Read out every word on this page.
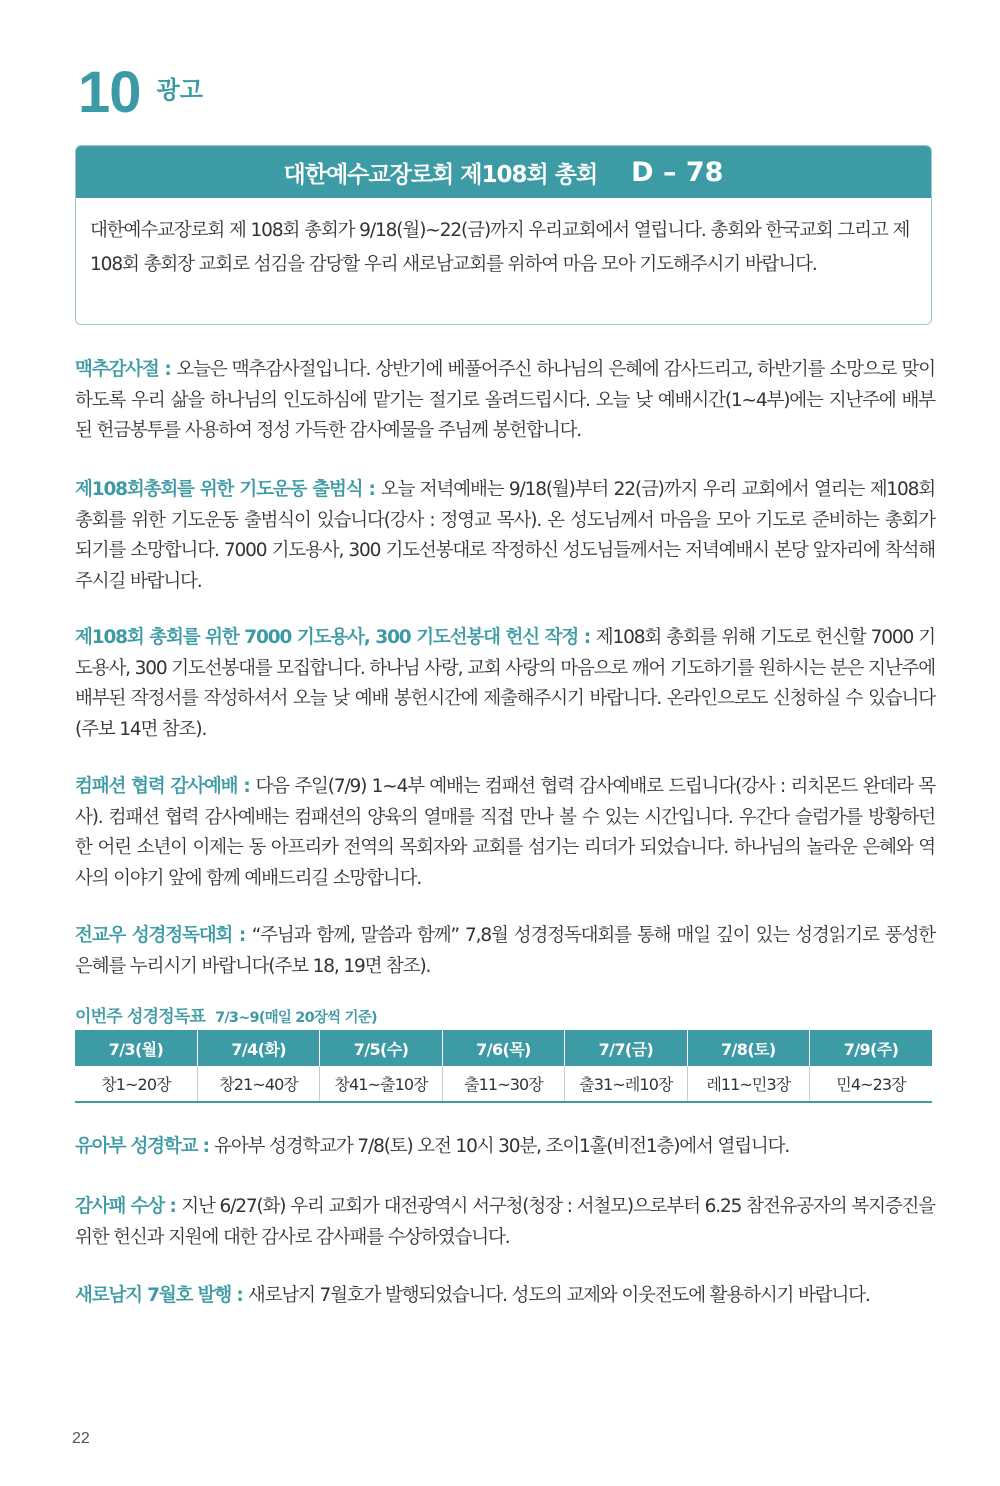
10 광고
대한예수교장로회 제108회 총회 D – 78
대한예수교장로회 제 108회 총회가 9/18(월)~22(금)까지 우리교회에서 열립니다. 총회와 한국교회 그리고 제 108회 총회장 교회로 섬김을 감당할 우리 새로남교회를 위하여 마음 모아 기도해주시기 바랍니다.
맥추감사절 : 오늘은 맥추감사절입니다. 상반기에 베풀어주신 하나님의 은혜에 감사드리고, 하반기를 소망으로 맞이하도록 우리 삶을 하나님의 인도하심에 맡기는 절기로 올려드립시다. 오늘 낮 예배시간(1~4부)에는 지난주에 배부된 헌금봉투를 사용하여 정성 가득한 감사예물을 주님께 봉헌합니다.
제108회총회를 위한 기도운동 출범식 : 오늘 저녁예배는 9/18(월)부터 22(금)까지 우리 교회에서 열리는 제108회 총회를 위한 기도운동 출범식이 있습니다(강사 : 정영교 목사). 온 성도님께서 마음을 모아 기도로 준비하는 총회가 되기를 소망합니다. 7000 기도용사, 300 기도선봉대로 작정하신 성도님들께서는 저녁예배시 본당 앞자리에 착석해주시길 바랍니다.
제108회 총회를 위한 7000 기도용사, 300 기도선봉대 헌신 작정 : 제108회 총회를 위해 기도로 헌신할 7000 기도용사, 300 기도선봉대를 모집합니다. 하나님 사랑, 교회 사랑의 마음으로 깨어 기도하기를 원하시는 분은 지난주에 배부된 작정서를 작성하셔서 오늘 낮 예배 봉헌시간에 제출해주시기 바랍니다. 온라인으로도 신청하실 수 있습니다(주보 14면 참조).
컴패션 협력 감사예배 : 다음 주일(7/9) 1~4부 예배는 컴패션 협력 감사예배로 드립니다(강사 : 리치몬드 완데라 목사). 컴패션 협력 감사예배는 컴패션의 양육의 열매를 직접 만나 볼 수 있는 시간입니다. 우간다 슬럼가를 방황하던 한 어린 소년이 이제는 동 아프리카 전역의 목회자와 교회를 섬기는 리더가 되었습니다. 하나님의 놀라운 은혜와 역사의 이야기 앞에 함께 예배드리길 소망합니다.
전교우 성경정독대회 : “주님과 함께, 말씀과 함께” 7,8월 성경정독대회를 통해 매일 깊이 있는 성경읽기로 풍성한 은혜를 누리시기 바랍니다(주보 18, 19면 참조).
이번주 성경정독표 7/3~9(매일 20장씩 기준)
7/3(월)	7/4(화)	7/5(수)	7/6(목)	7/7(금)	7/8(토)	7/9(주)
창1~20장	창21~40장	창41~출10장	출11~30장	출31~레10장	레11~민3장	민4~23장
유아부 성경학교 : 유아부 성경학교가 7/8(토) 오전 10시 30분, 조이1홀(비전1층)에서 열립니다.
감사패 수상 : 지난 6/27(화) 우리 교회가 대전광역시 서구청(청장 : 서철모)으로부터 6.25 참전유공자의 복지증진을 위한 헌신과 지원에 대한 감사로 감사패를 수상하였습니다.
새로남지 7월호 발행 : 새로남지 7월호가 발행되었습니다. 성도의 교제와 이웃전도에 활용하시기 바랍니다.
22
